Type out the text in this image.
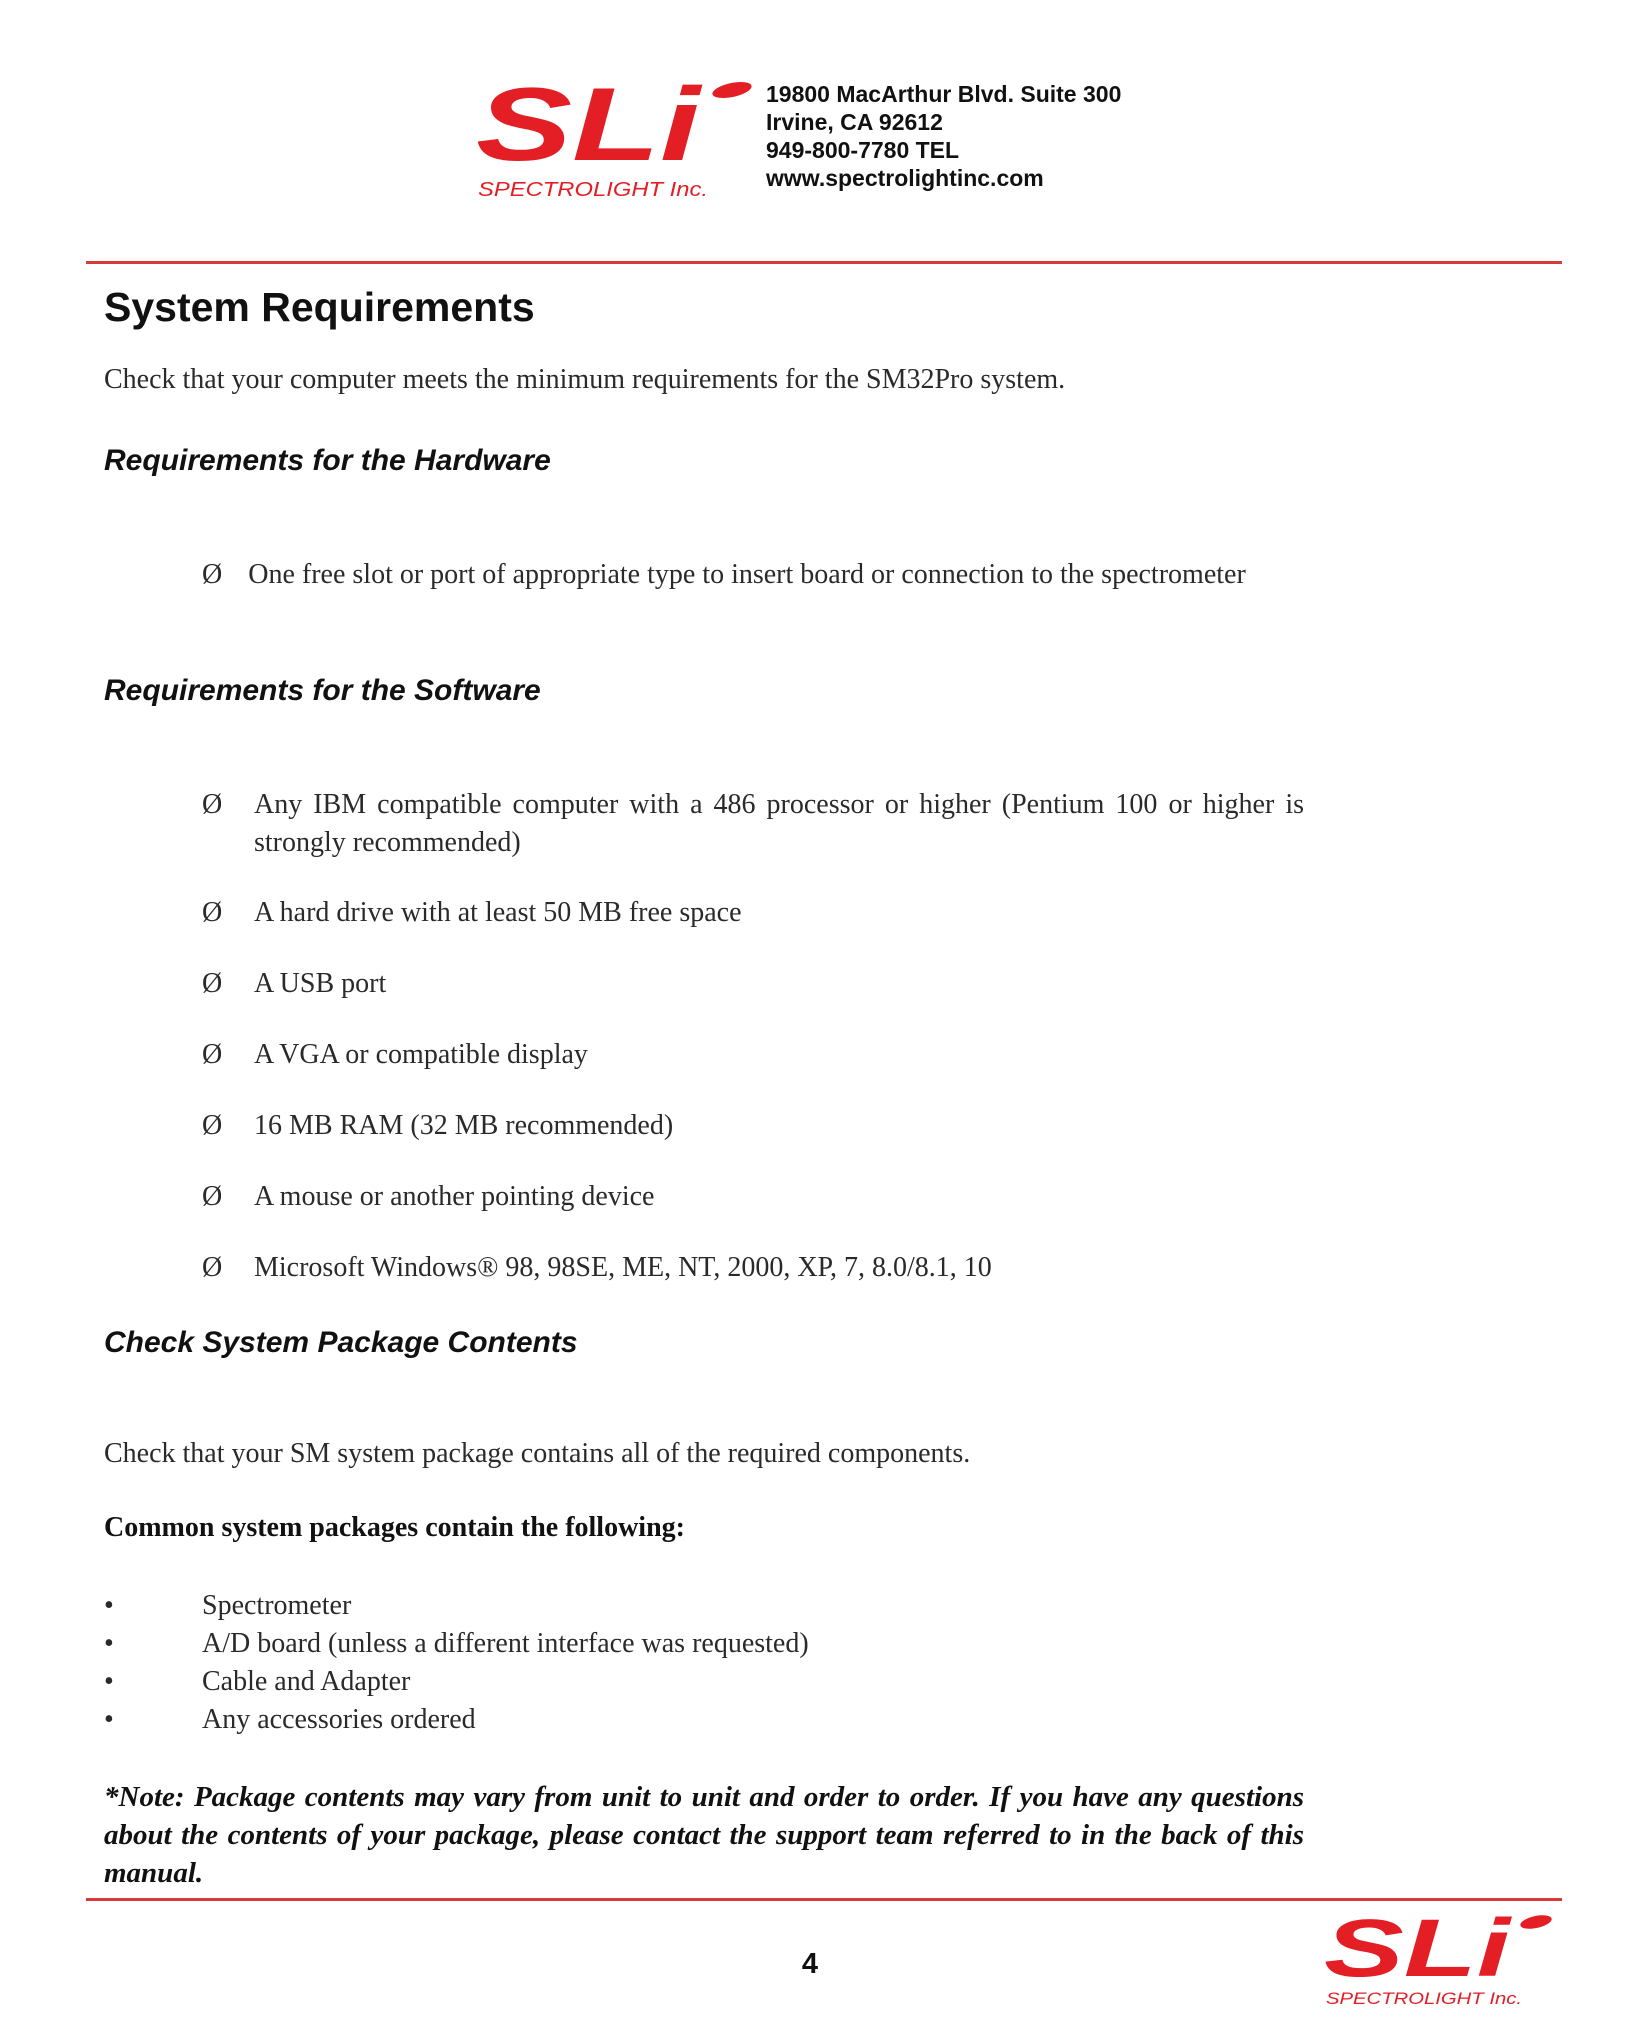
SLi
SPECTROLIGHT Inc.
19800 MacArthur Blvd. Suite 300
Irvine, CA 92612
949-800-7780 TEL
www.spectrolightinc.com
System Requirements
Check that your computer meets the minimum requirements for the SM32Pro system.
Requirements for the Hardware
Ø One free slot or port of appropriate type to insert board or connection to the spectrometer
Requirements for the Software
Ø Any IBM compatible computer with a 486 processor or higher (Pentium 100 or higher is strongly recommended)
Ø A hard drive with at least 50 MB free space
Ø A USB port
Ø A VGA or compatible display
Ø 16 MB RAM (32 MB recommended)
Ø A mouse or another pointing device
Ø Microsoft Windows® 98, 98SE, ME, NT, 2000, XP, 7, 8.0/8.1, 10
Check System Package Contents
Check that your SM system package contains all of the required components.
Common system packages contain the following:
•	Spectrometer
•	A/D board (unless a different interface was requested)
•	Cable and Adapter
•	Any accessories ordered
*Note: Package contents may vary from unit to unit and order to order. If you have any questions about the contents of your package, please contact the support team referred to in the back of this manual.
4	SLi
SPECTROLIGHT Inc.
